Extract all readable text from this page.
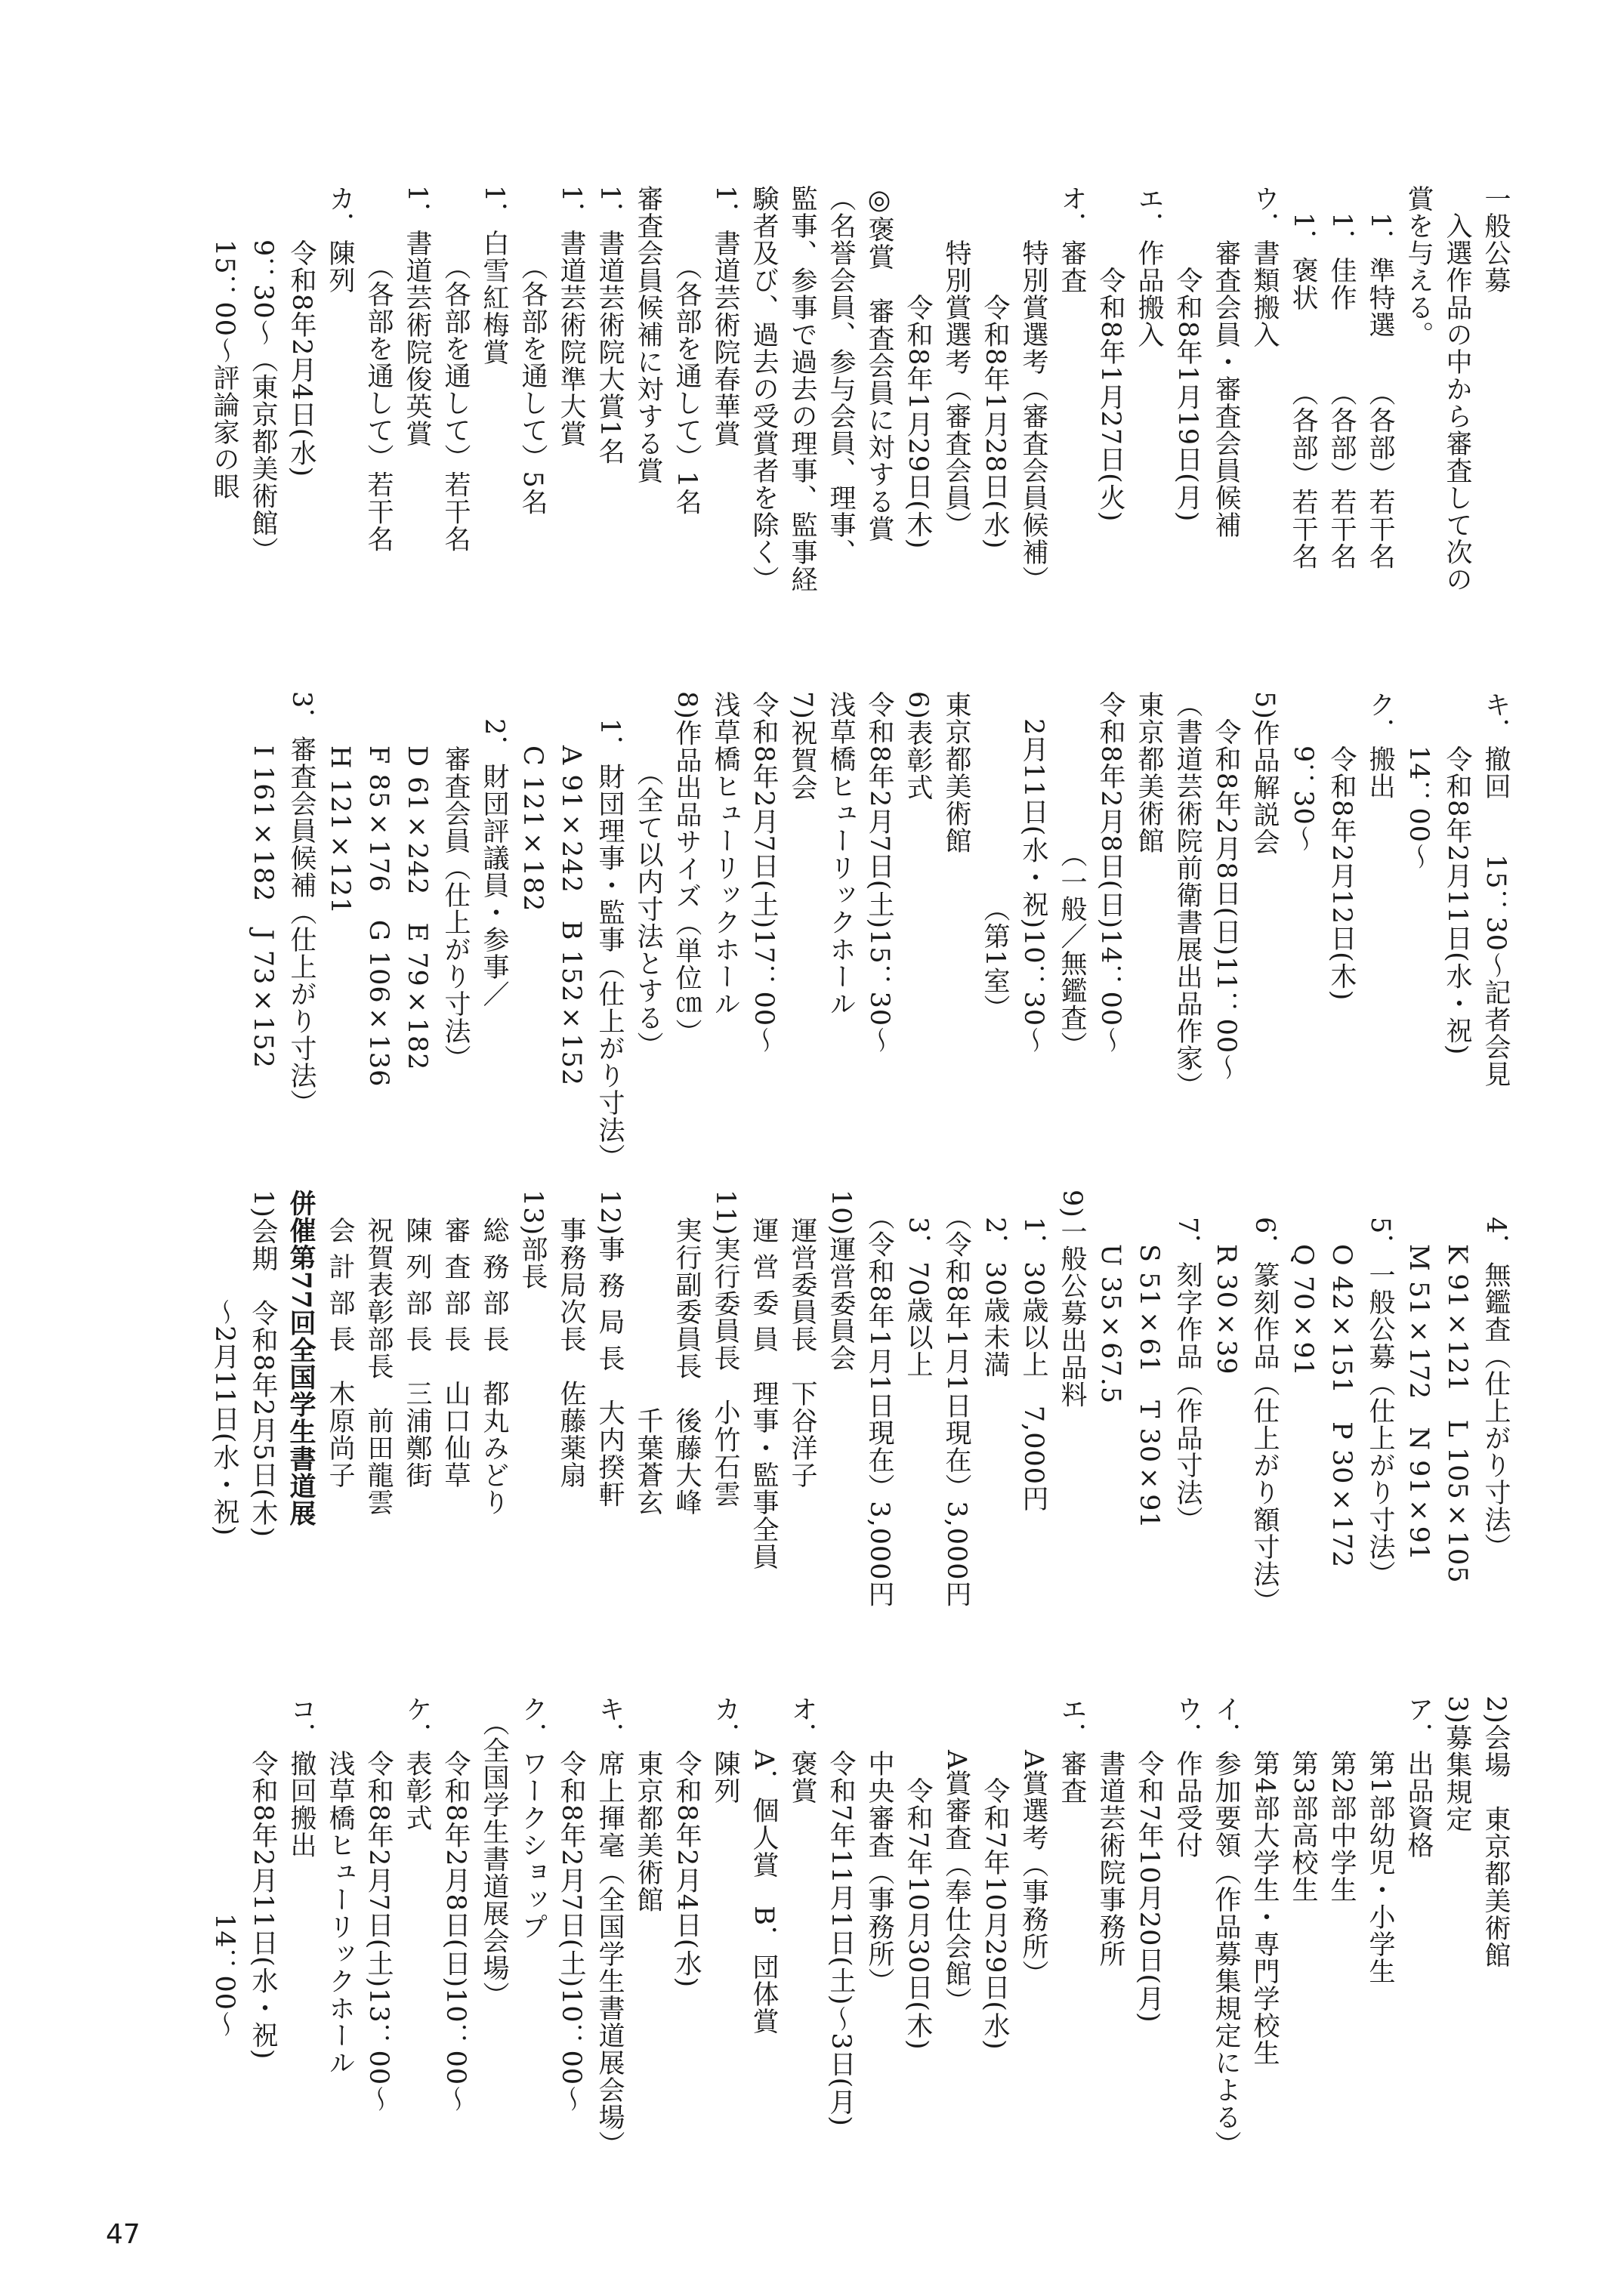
一般公募
　入選作品の中から審査して次の
賞を与える。
　1．準特選　　（各部）若干名
　1．佳作　　　（各部）若干名
　1．褒状　　　（各部）若干名
ウ．書類搬入
　　審査会員・審査会員候補
　　　令和8年1月19日(月)
エ．作品搬入
　　　令和8年1月27日(火)
オ．審査
　　特別賞選考（審査会員候補）
　　　　令和8年1月28日(水)
　　特別賞選考（審査会員）
　　　　令和8年1月29日(木)
◎褒賞　審査会員に対する賞
（名誉会員、参与会員、理事、
監事、参事で過去の理事、監事経
験者及び、過去の受賞者を除く）
1．書道芸術院春華賞
　　　（各部を通して）1名
審査会員候補に対する賞
1．書道芸術院大賞1名
1．書道芸術院準大賞
　　　（各部を通して）5名
1．白雪紅梅賞
　　　（各部を通して）若干名
1．書道芸術院俊英賞
　　　（各部を通して）若干名
カ．陳列
　　令和8年2月4日(水)
　　9：30〜（東京都美術館）
　　15：00〜評論家の眼
キ．撤回　　15：30〜記者会見
　　令和8年2月11日(水・祝)
　　14：00〜
ク．搬出
　　令和8年2月12日(木)
　　9：30〜
5)作品解説会
　令和8年2月8日(日)11：00〜
（書道芸術院前衛書展出品作家）
東京都美術館
令和8年2月8日(日)14：00〜
　　　　　　（一般／無鑑査）
　2月11日(水・祝)10：30〜
　　　　　　　　（第1室）
東京都美術館
6)表彰式
令和8年2月7日(土)15：30〜
浅草橋ヒューリックホール
7)祝賀会
令和8年2月7日(土)17：00〜
浅草橋ヒューリックホール
8)作品出品サイズ（単位㎝）
　　　（全て以内寸法とする）
　1．財団理事・監事（仕上がり寸法）
　　A 91×242　B 152×152
　　C 121×182
　2．財団評議員・参事／
　　審査会員（仕上がり寸法）
　　D 61×242　E 79×182
　　F 85×176　G 106×136
　　H 121×121
3．審査会員候補（仕上がり寸法）
　　I 161×182　J 73×152
　4．無鑑査（仕上がり寸法）
　　K 91×121　L 105×105
　　M 51×172　N 91×91
　5．一般公募（仕上がり寸法）
　　O 42×151　P 30×172
　　Q 70×91
　6．篆刻作品（仕上がり額寸法）
　　R 30×39
　7．刻字作品（作品寸法）
　　S 51×61　T 30×91
　　U 35×67.5
9)一般公募出品料
　1．30歳以上　7,000円
　2．30歳未満
　（令和8年1月1日現在）3,000円
　3．70歳以上
　（令和8年1月1日現在）3,000円
10)運営委員会
　運営委員長　下谷洋子
　運 営 委 員　理事・監事全員
11)実行委員長　小竹石雲
　実行副委員長　後藤大峰
　　　　　　　　千葉蒼玄
12)事 務 局 長　大内揆軒
　事務局次長　佐藤薬扇
13)部長
　総 務 部 長　都丸みどり
　審 査 部 長　山口仙草
　陳 列 部 長　三浦鄭街
　祝賀表彰部長　前田龍雲
　会 計 部 長　木原尚子
併催第77回全国学生書道展
1)会期　令和8年2月5日(木)
　　　　〜2月11日(水・祝)
2)会場　東京都美術館
3)募集規定
ア．出品資格
　　第1部幼児・小学生
　　第2部中学生
　　第3部高校生
　　第4部大学生・専門学校生
イ．参加要領（作品募集規定による）
ウ．作品受付
　　令和7年10月20日(月)
　　書道芸術院事務所
エ．審査
　　A賞選考（事務所）
　　　令和7年10月29日(水)
　　A賞審査（奉仕会館）
　　　令和7年10月30日(木)
　　中央審査（事務所）
　　令和7年11月1日(土)〜3日(月)
オ．褒賞
　　A．個人賞　B．団体賞
カ．陳列
　　令和8年2月4日(水)
　　東京都美術館
キ．席上揮毫（全国学生書道展会場）
　　令和8年2月7日(土)10：00〜
ク．ワークショップ
　（全国学生書道展会場）
　　令和8年2月8日(日)10：00〜
ケ．表彰式
　　令和8年2月7日(土)13：00〜
　　浅草橋ヒューリックホール
コ．撤回搬出
　　令和8年2月11日(水・祝)
　　　　　　　　14：00〜
47
